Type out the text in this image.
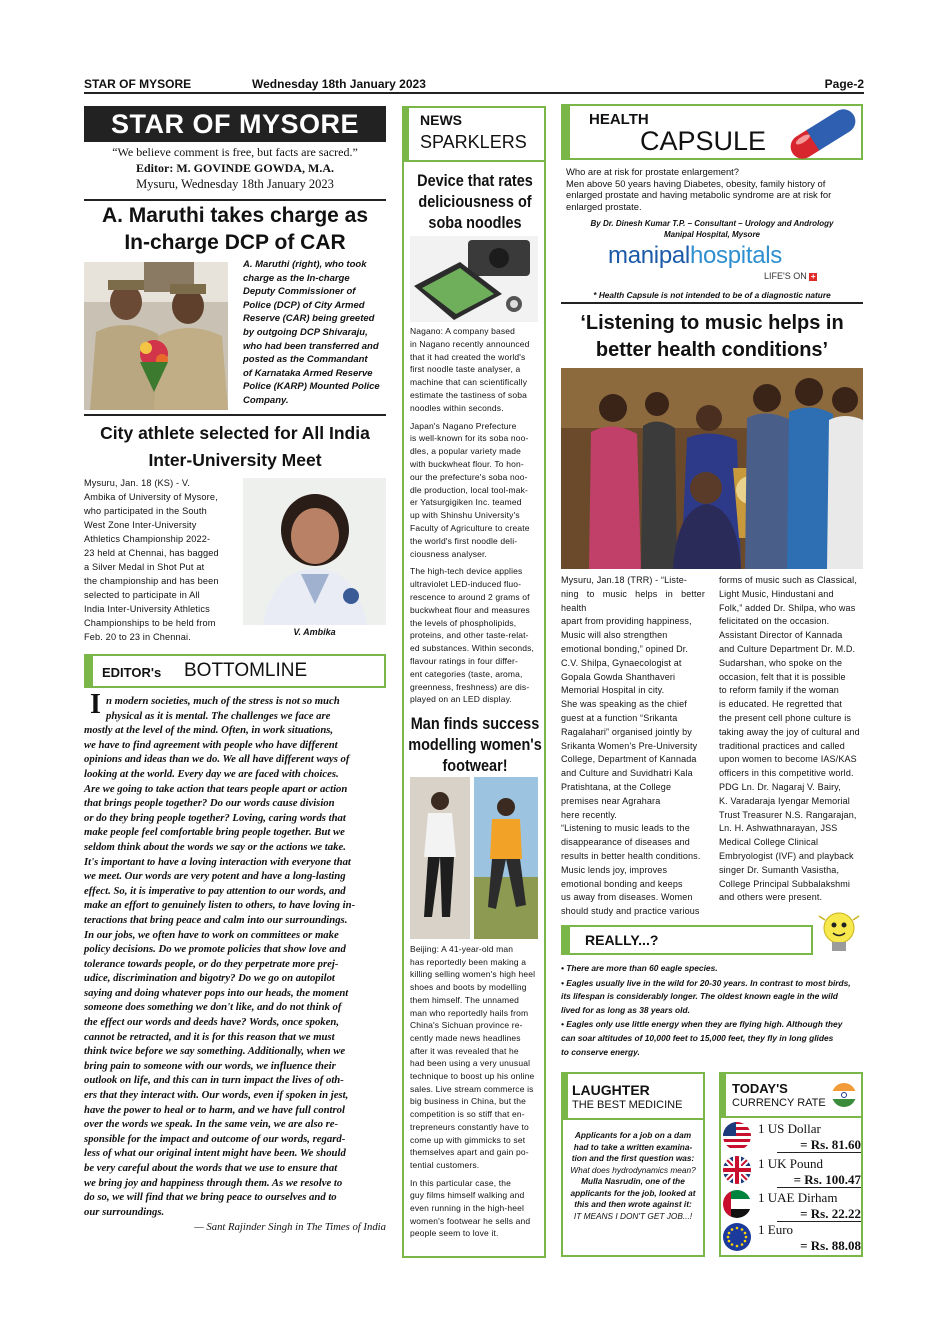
STAR OF MYSORE	Wednesday 18th January 2023	Page-2
STAR OF MYSORE
“We believe comment is free, but facts are sacred.”
Editor: M. GOVINDE GOWDA, M.A.
Mysuru, Wednesday 18th January 2023
A. Maruthi takes charge as
In-charge DCP of CAR
A. Maruthi (right), who took
charge as the In-charge
Deputy Commissioner of
Police (DCP) of City Armed
Reserve (CAR) being greeted
by outgoing DCP Shivaraju,
who had been transferred and
posted as the Commandant
of Karnataka Armed Reserve
Police (KARP) Mounted Police
Company.
City athlete selected for All India
Inter-University Meet
Mysuru, Jan. 18 (KS) - V.
Ambika of University of Mysore,
who participated in the South
West Zone Inter-University
Athletics Championship 2022-
23 held at Chennai, has bagged
a Silver Medal in Shot Put at
the championship and has been
selected to participate in All
India Inter-University Athletics
Championships to be held from
Feb. 20 to 23 in Chennai.	V. Ambika
EDITOR's BOTTOMLINE
I n modern societies, much of the stress is not so much
physical as it is mental. The challenges we face are
mostly at the level of the mind. Often, in work situations,
we have to find agreement with people who have different
opinions and ideas than we do. We all have different ways of
looking at the world. Every day we are faced with choices.
Are we going to take action that tears people apart or action
that brings people together? Do our words cause division
or do they bring people together? Loving, caring words that
make people feel comfortable bring people together. But we
seldom think about the words we say or the actions we take.
It's important to have a loving interaction with everyone that
we meet. Our words are very potent and have a long-lasting
effect. So, it is imperative to pay attention to our words, and
make an effort to genuinely listen to others, to have loving in-
teractions that bring peace and calm into our surroundings.
In our jobs, we often have to work on committees or make
policy decisions. Do we promote policies that show love and
tolerance towards people, or do they perpetrate more prej-
udice, discrimination and bigotry? Do we go on autopilot
saying and doing whatever pops into our heads, the moment
someone does something we don't like, and do not think of
the effect our words and deeds have? Words, once spoken,
cannot be retracted, and it is for this reason that we must
think twice before we say something. Additionally, when we
bring pain to someone with our words, we influence their
outlook on life, and this can in turn impact the lives of oth-
ers that they interact with. Our words, even if spoken in jest,
have the power to heal or to harm, and we have full control
over the words we speak. In the same vein, we are also re-
sponsible for the impact and outcome of our words, regard-
less of what our original intent might have been. We should
be very careful about the words that we use to ensure that
we bring joy and happiness through them. As we resolve to
do so, we will find that we bring peace to ourselves and to
our surroundings.
— Sant Rajinder Singh in The Times of India
NEWS
SPARKLERS
Device that rates
deliciousness of
soba noodles
Nagano: A company based
in Nagano recently announced
that it had created the world's
first noodle taste analyser, a
machine that can scientifically
estimate the tastiness of soba
noodles within seconds.
Japan's Nagano Prefecture
is well-known for its soba noo-
dles, a popular variety made
with buckwheat flour. To hon-
our the prefecture's soba noo-
dle production, local tool-mak-
er Yatsurgigiken Inc. teamed
up with Shinshu University's
Faculty of Agriculture to create
the world's first noodle deli-
ciousness analyser.
The high-tech device applies
ultraviolet LED-induced fluo-
rescence to around 2 grams of
buckwheat flour and measures
the levels of phospholipids,
proteins, and other taste-relat-
ed substances. Within seconds,
flavour ratings in four differ-
ent categories (taste, aroma,
greenness, freshness) are dis-
played on an LED display.
Man finds success
modelling women's
footwear!
Beijing: A 41-year-old man
has reportedly been making a
killing selling women's high heel
shoes and boots by modelling
them himself. The unnamed
man who reportedly hails from
China's Sichuan province re-
cently made news headlines
after it was revealed that he
had been using a very unusual
technique to boost up his online
sales. Live stream commerce is
big business in China, but the
competition is so stiff that en-
trepreneurs constantly have to
come up with gimmicks to set
themselves apart and gain po-
tential customers.
In this particular case, the
guy films himself walking and
even running in the high-heel
women's footwear he sells and
people seem to love it.
HEALTH
CAPSULE
Who are at risk for prostate enlargement?
Men above 50 years having Diabetes, obesity, family history of
enlarged prostate and having metabolic syndrome are at risk for
enlarged prostate.
By Dr. Dinesh Kumar T.P. – Consultant – Urology and Andrology
Manipal Hospital, Mysore
manipalhospitals
LIFE'S ON +
* Health Capsule is not intended to be of a diagnostic nature
‘Listening to music helps in
better health conditions’
Mysuru, Jan.18 (TRR) - “Liste-
ning to music helps in better health
apart from providing happiness,
Music will also strengthen
emotional bonding,” opined Dr.
C.V. Shilpa, Gynaecologist at
Gopala Gowda Shanthaveri
Memorial Hospital in city.
She was speaking as the chief
guest at a function “Srikanta
Ragalahari” organised jointly by
Srikanta Women's Pre-University
College, Department of Kannada
and Culture and Suvidhatri Kala
Pratishtana, at the College
premises near Agrahara
here recently.
“Listening to music leads to the
disappearance of diseases and
results in better health conditions.
Music lends joy, improves
emotional bonding and keeps
us away from diseases. Women
should study and practice various
forms of music such as Classical,
Light Music, Hindustani and
Folk,” added Dr. Shilpa, who was
felicitated on the occasion.
Assistant Director of Kannada
and Culture Department Dr. M.D.
Sudarshan, who spoke on the
occasion, felt that it is possible
to reform family if the woman
is educated. He regretted that
the present cell phone culture is
taking away the joy of cultural and
traditional practices and called
upon women to become IAS/KAS
officers in this competitive world.
PDG Ln. Dr. Nagaraj V. Bairy,
K. Varadaraja Iyengar Memorial
Trust Treasurer N.S. Rangarajan,
Ln. H. Ashwathnarayan, JSS
Medical College Clinical
Embryologist (IVF) and playback
singer Dr. Sumanth Vasistha,
College Principal Subbalakshmi
and others were present.
REALLY...?
• There are more than 60 eagle species.
• Eagles usually live in the wild for 20-30 years. In contrast to most birds,
its lifespan is considerably longer. The oldest known eagle in the wild
lived for as long as 38 years old.
• Eagles only use little energy when they are flying high. Although they
can soar altitudes of 10,000 feet to 15,000 feet, they fly in long glides
to conserve energy.
LAUGHTER
THE BEST MEDICINE
Applicants for a job on a dam
had to take a written examina-
tion and the first question was:
What does hydrodynamics mean?
Mulla Nasrudin, one of the
applicants for the job, looked at
this and then wrote against it:
IT MEANS I DON'T GET JOB...!
TODAY'S
CURRENCY RATE
1 US Dollar
= Rs. 81.60
1 UK Pound
= Rs. 100.47
1 UAE Dirham
= Rs. 22.22
1 Euro
= Rs. 88.08
